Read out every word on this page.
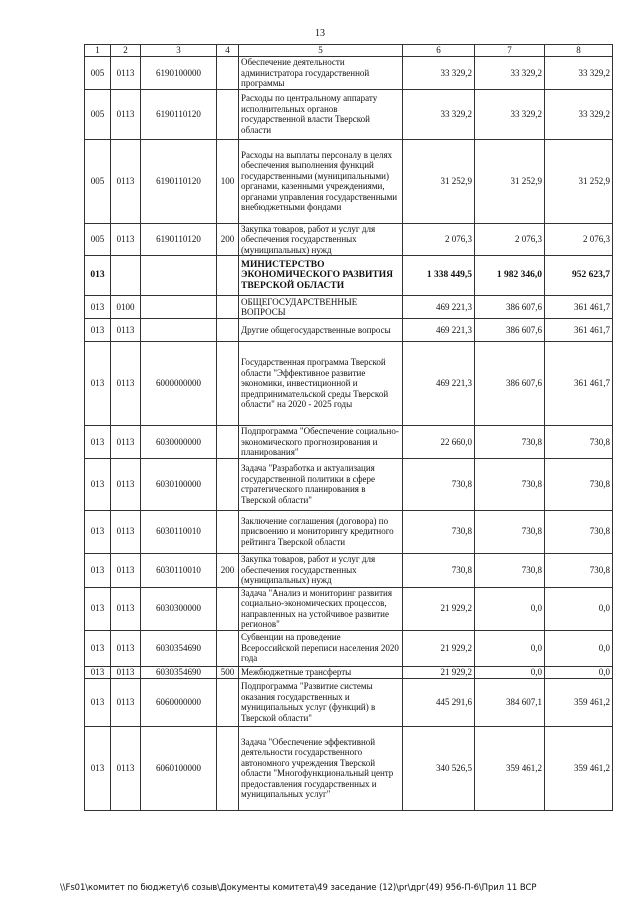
13
1	2	3	4	5	6	7	8
005	0113	6190100000		Обеспечение деятельности администратора государственной программы	33 329,2	33 329,2	33 329,2
005	0113	6190110120		Расходы по центральному аппарату исполнительных органов государственной власти Тверской области	33 329,2	33 329,2	33 329,2
005	0113	6190110120	100	Расходы на выплаты персоналу в целях обеспечения выполнения функций государственными (муниципальными) органами, казенными учреждениями, органами управления государственными внебюджетными фондами	31 252,9	31 252,9	31 252,9
005	0113	6190110120	200	Закупка товаров, работ и услуг для обеспечения государственных (муниципальных) нужд	2 076,3	2 076,3	2 076,3
013				МИНИСТЕРСТВО ЭКОНОМИЧЕСКОГО РАЗВИТИЯ ТВЕРСКОЙ ОБЛАСТИ	1 338 449,5	1 982 346,0	952 623,7
013	0100			ОБЩЕГОСУДАРСТВЕННЫЕ ВОПРОСЫ	469 221,3	386 607,6	361 461,7
013	0113			Другие общегосударственные вопросы	469 221,3	386 607,6	361 461,7
013	0113	6000000000		Государственная программа Тверской области "Эффективное развитие экономики, инвестиционной и предпринимательской среды Тверской области" на 2020 - 2025 годы	469 221,3	386 607,6	361 461,7
013	0113	6030000000		Подпрограмма "Обеспечение социально-экономического прогнозирования и планирования"	22 660,0	730,8	730,8
013	0113	6030100000		Задача "Разработка и актуализация государственной политики в сфере стратегического планирования в Тверской области"	730,8	730,8	730,8
013	0113	6030110010		Заключение соглашения (договора) по присвоению и мониторингу кредитного рейтинга Тверской области	730,8	730,8	730,8
013	0113	6030110010	200	Закупка товаров, работ и услуг для обеспечения государственных (муниципальных) нужд	730,8	730,8	730,8
013	0113	6030300000		Задача "Анализ и мониторинг развития социально-экономических процессов, направленных на устойчивое развитие регионов"	21 929,2	0,0	0,0
013	0113	6030354690		Субвенции на проведение Всероссийской переписи населения 2020 года	21 929,2	0,0	0,0
013	0113	6030354690	500	Межбюджетные трансферты	21 929,2	0,0	0,0
013	0113	6060000000		Подпрограмма "Развитие системы оказания государственных и муниципальных услуг (функций) в Тверской области"	445 291,6	384 607,1	359 461,2
013	0113	6060100000		Задача "Обеспечение эффективной деятельности государственного автономного учреждения Тверской области "Многофункциональный центр предоставления государственных и муниципальных услуг"	340 526,5	359 461,2	359 461,2
\\Fs01\комитет по бюджету\6 созыв\Документы комитета\49 заседание (12)\pr\дрг(49) 956-П-6\Прил 11 ВСР
